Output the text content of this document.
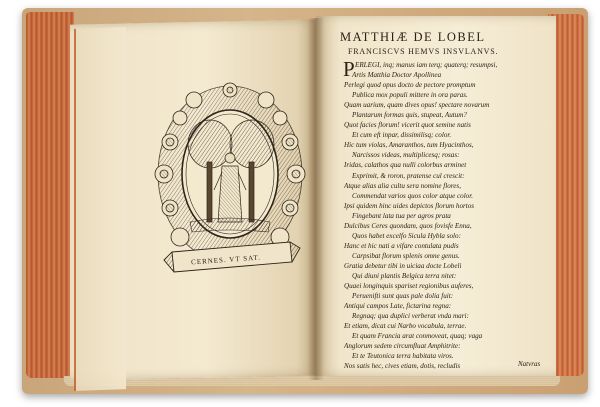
CERNES. VT SAT.
MATTHIÆ DE LOBEL
FRANCISCVS HEMVS INSVLANVS.
P ERLEGI, inq; manus iam terq; quaterq; resumpsi,
Artis Matthia Doctor Apollinea
Perlegi quod opus docto de pectore promptum
Publica mox populi mittere in ora paras.
Quam uarium, quam dives opus! spectare novarum
Plantarum formas quis, stupeat, Autum?
Quot facies florum! vicerit quot semine natis
Et cum eft inpar, dissimilisq; color.
Hic tum violas, Amaranthos, tum Hyacinthos,
Narcissos videas, multiplicesq; rosas:
Iridas, calathos qua nulli colorbus arminet
Exprimit, & roron, pratense cul crescit:
Atque alias alia cultu sera nomine flores,
Commendat varios quos color atque color.
Ipsi quidem hinc uides depictos florum hortos
Fingebant lata tua per agros prata
Dulcibus Ceres quondam, quos fovisfe Enna,
Quos habet excelfo Sicula Hybla solo:
Hanc et hic nati a vifare contulata pudis
Carpsibat florum splenis omne genus.
Gratia debetur tibi in uiciaa docte Lobeli
Qui diuni plantis Belgica terra nitet:
Quaei longinquis spariset regionibus auferes,
Peruenifti sunt quas pale dolia fuit:
Antiqui campos Late, fictarina regna:
Regnaq; qua duplici verberat vnda mari:
Et etiam, dicat cui Narbo vocabula, terrae.
Et quam Francia arat conmoveat, quaq; vaga
Anglorum sedem circumfluat Amphitrite:
Et te Teutonica terra habitata viros.
Nos satis hec, cives etiam, dotis, recludis	Natvras
